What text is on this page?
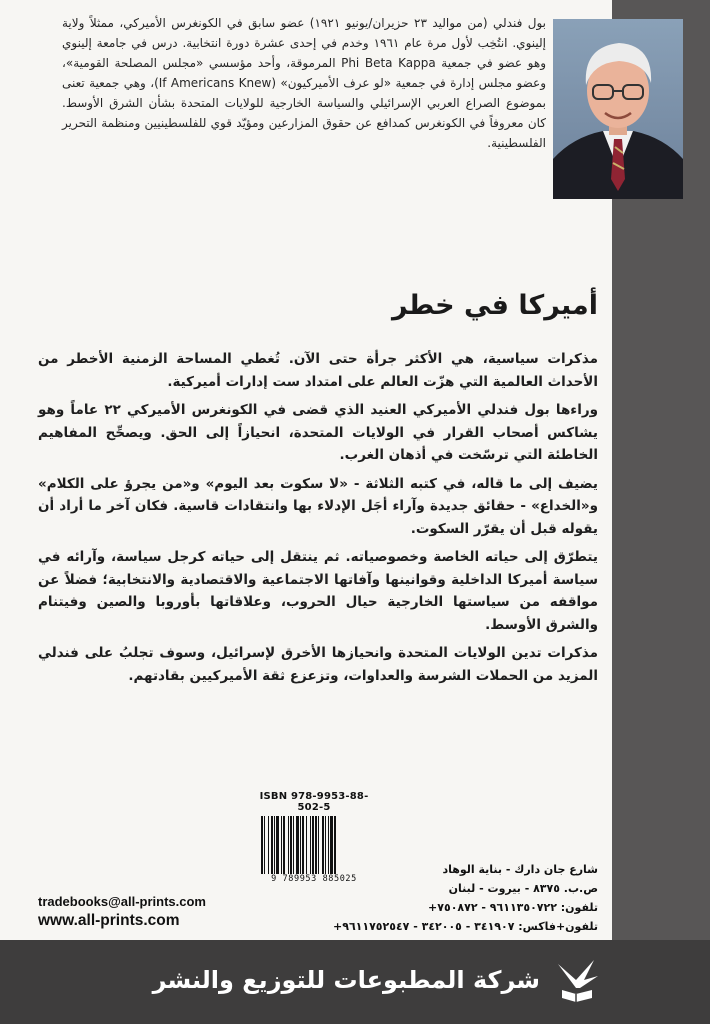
بول فندلي (من مواليد ٢٣ حزيران/يونيو ١٩٢١) عضو سابق في الكونغرس الأميركي، ممثلاً ولاية إلينوي. انتُخِب لأول مرة عام ١٩٦١ وخدم في إحدى عشرة دورة انتخابية. درس في جامعة إلينوي وهو عضو في جمعية Phi Beta Kappa المرموقة، وأحد مؤسسي «مجلس المصلحة القومية»، وعضو مجلس إدارة في جمعية «لو عرف الأميركيون» (If Americans Knew)، وهي جمعية تعنى بموضوع الصراع العربي الإسرائيلي والسياسة الخارجية للولايات المتحدة بشأن الشرق الأوسط. كان معروفاً في الكونغرس كمدافع عن حقوق المزارعين ومؤيّد قوي للفلسطينيين ومنظمة التحرير الفلسطينية.

أميركا في خطر

مذكرات سياسية، هي الأكثر جرأة حتى الآن. تُغطي المساحة الزمنية الأخطر من الأحداث العالمية التي هزّت العالم على امتداد ست إدارات أميركية.

وراءها بول فندلي الأميركي العنيد الذي قضى في الكونغرس الأميركي ٢٢ عاماً وهو يشاكس أصحاب القرار في الولايات المتحدة، انحيازاً إلى الحق. ويصحِّح المفاهيم الخاطئة التي ترسّخت في أذهان الغرب.

يضيف إلى ما قاله، في كتبه الثلاثة - «لا سكوت بعد اليوم» و«من يجرؤ على الكلام» و«الخداع» - حقائق جديدة وآراء أجَل الإدلاء بها وانتقادات قاسية. فكان آخر ما أراد أن يقوله قبل أن يقرّر السكوت.

يتطرّق إلى حياته الخاصة وخصوصياته. ثم ينتقل إلى حياته كرجل سياسة، وآرائه في سياسة أميركا الداخلية وقوانينها وآفاتها الاجتماعية والاقتصادية والانتخابية؛ فضلاً عن مواقفه من سياستها الخارجية حيال الحروب، وعلاقاتها بأوروبا والصين وفيتنام والشرق الأوسط.

مذكرات تدين الولايات المتحدة وانحيازها الأخرق لإسرائيل، وسوف تجلبُ على فندلي المزيد من الحملات الشرسة والعداوات، وتزعزع ثقة الأميركيين بقادتهم.

ISBN 978-9953-88-502-5
9 789953 885025
tradebooks@all-prints.com
www.all-prints.com
شارع جان دارك - بناية الوهاد
ص.ب. ٨٣٧٥ - بيروت - لبنان
تلفون: ٩٦١١٣٥٠٧٢٢ - ٧٥٠٨٧٢+
تلفون+فاكس: ٣٤١٩٠٧ - ٣٤٢٠٠٥ - ٩٦١١٧٥٢٥٤٧+
شركة المطبوعات للتوزيع والنشر
